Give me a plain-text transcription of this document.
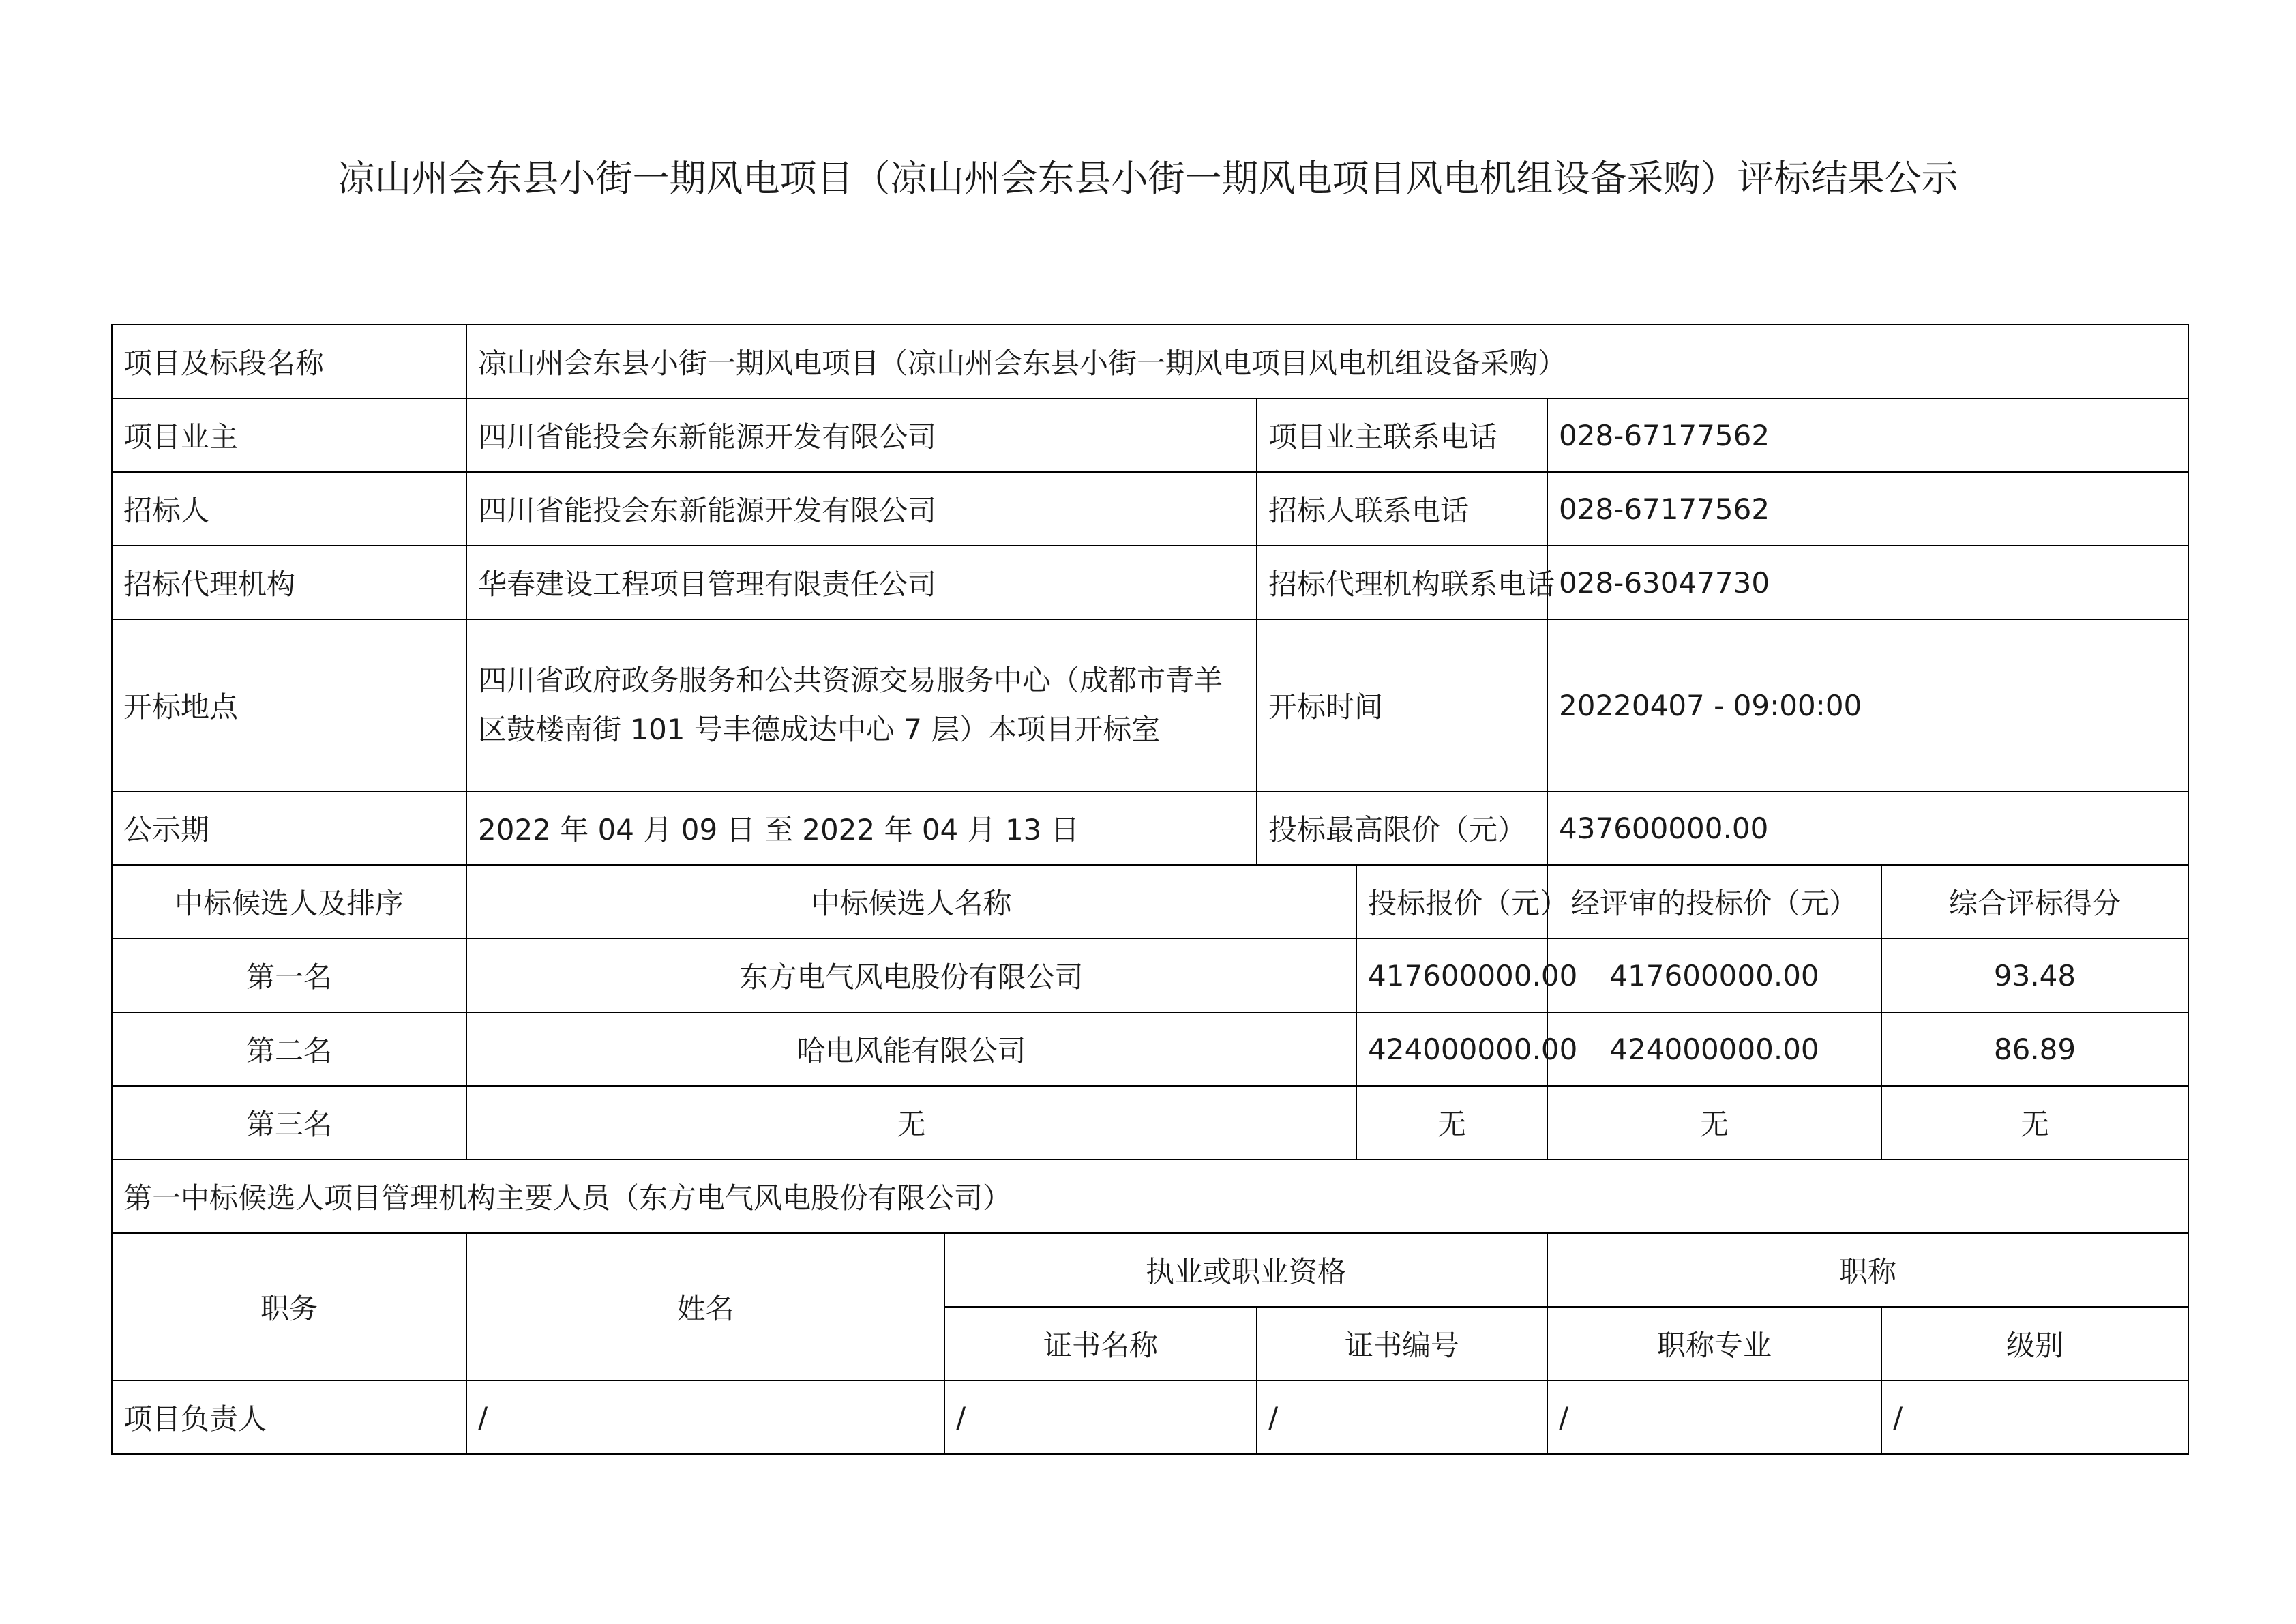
凉山州会东县小街一期风电项目（凉山州会东县小街一期风电项目风电机组设备采购）评标结果公示
项目及标段名称	凉山州会东县小街一期风电项目（凉山州会东县小街一期风电项目风电机组设备采购）					
项目业主	四川省能投会东新能源开发有限公司		项目业主联系电话		028-67177562	
招标人	四川省能投会东新能源开发有限公司		招标人联系电话		028-67177562	
招标代理机构	华春建设工程项目管理有限责任公司		招标代理机构联系电话		028-63047730	
开标地点	四川省政府政务服务和公共资源交易服务中心（成都市青羊区鼓楼南街 101 号丰德成达中心 7 层）本项目开标室		开标时间		20220407 - 09:00:00	
公示期	2022 年 04 月 09 日 至 2022 年 04 月 13 日		投标最高限价（元）		437600000.00	
中标候选人及排序	中标候选人名称			投标报价（元）	经评审的投标价（元）	综合评标得分
第一名	东方电气风电股份有限公司			417600000.00	417600000.00	93.48
第二名	哈电风能有限公司			424000000.00	424000000.00	86.89
第三名	无			无	无	无
第一中标候选人项目管理机构主要人员（东方电气风电股份有限公司）						
职务	姓名	执业或职业资格			职称	
		证书名称	证书编号		职称专业	级别
项目负责人	/	/	/		/	/
